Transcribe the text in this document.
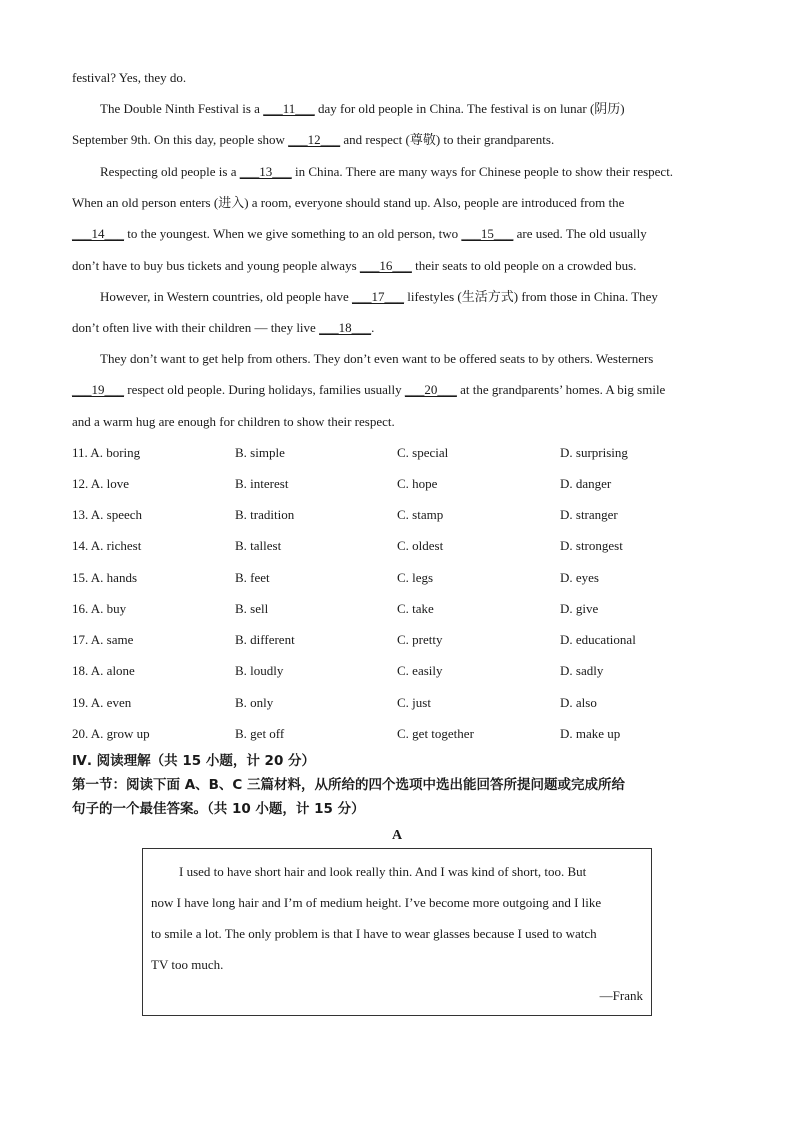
festival? Yes, they do.
The Double Ninth Festival is a ___11___ day for old people in China. The festival is on lunar (阴历)
September 9th. On this day, people show ___12___ and respect (尊敬) to their grandparents.
Respecting old people is a ___13___ in China. There are many ways for Chinese people to show their respect.
When an old person enters (进入) a room, everyone should stand up. Also, people are introduced from the
___14___ to the youngest. When we give something to an old person, two ___15___ are used. The old usually
don’t have to buy bus tickets and young people always ___16___ their seats to old people on a crowded bus.
However, in Western countries, old people have ___17___ lifestyles (生活方式) from those in China. They
don’t often live with their children — they live ___18___.
They don’t want to get help from others. They don’t even want to be offered seats to by others. Westerners
___19___ respect old people. During holidays, families usually ___20___ at the grandparents’ homes. A big smile
and a warm hug are enough for children to show their respect.
11. A. boring	B. simple	C. special	D. surprising
12. A. love	B. interest	C. hope	D. danger
13. A. speech	B. tradition	C. stamp	D. stranger
14. A. richest	B. tallest	C. oldest	D. strongest
15. A. hands	B. feet	C. legs	D. eyes
16. A. buy	B. sell	C. take	D. give
17. A. same	B. different	C. pretty	D. educational
18. A. alone	B. loudly	C. easily	D. sadly
19. A. even	B. only	C. just	D. also
20. A. grow up	B. get off	C. get together	D. make up
Ⅳ. 阅读理解（共 15 小题，计 20 分）
第一节：阅读下面 A、B、C 三篇材料，从所给的四个选项中选出能回答所提问题或完成所给
句子的一个最佳答案。（共 10 小题，计 15 分）
A
I used to have short hair and look really thin. And I was kind of short, too. But
now I have long hair and I’m of medium height. I’ve become more outgoing and I like
to smile a lot. The only problem is that I have to wear glasses because I used to watch
TV too much.
—Frank
